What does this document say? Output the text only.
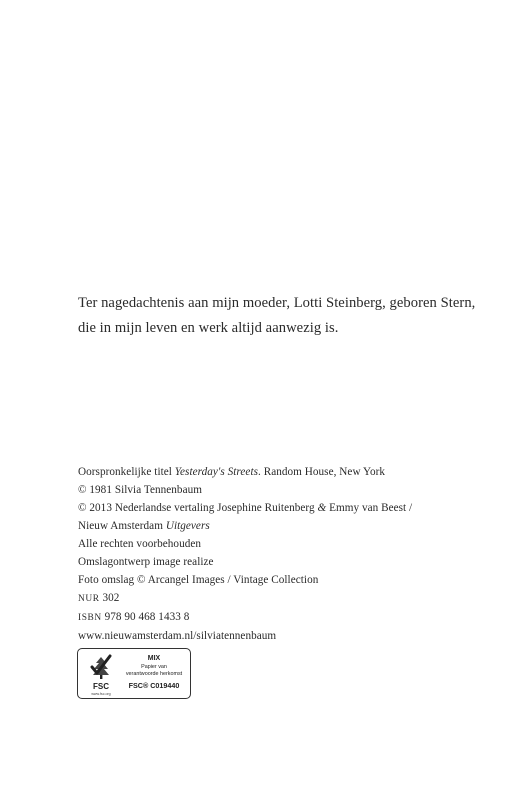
Ter nagedachtenis aan mijn moeder, Lotti Steinberg, geboren Stern,
die in mijn leven en werk altijd aanwezig is.
Oorspronkelijke titel Yesterday's Streets. Random House, New York
© 1981 Silvia Tennenbaum
© 2013 Nederlandse vertaling Josephine Ruitenberg & Emmy van Beest /
Nieuw Amsterdam Uitgevers
Alle rechten voorbehouden
Omslagontwerp image realize
Foto omslag © Arcangel Images / Vintage Collection
NUR 302
ISBN 978 90 468 1433 8
www.nieuwamsterdam.nl/silviatennenbaum
FSC
www.fsc.org
MIX
Papier van
verantwoorde herkomst
FSC® C019440
